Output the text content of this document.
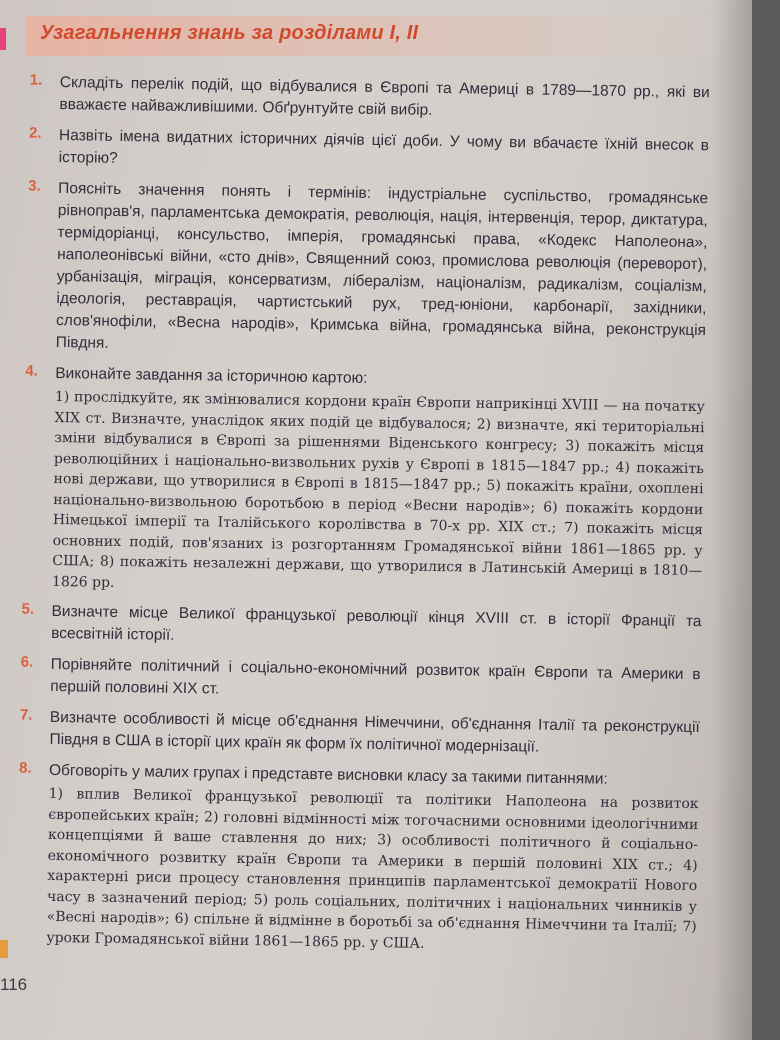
Узагальнення знань за розділами I, II
1. Складіть перелік подій, що відбувалися в Європі та Америці в 1789—1870 рр., які ви вважаєте найважливішими. Обґрунтуйте свій вибір.

2. Назвіть імена видатних історичних діячів цієї доби. У чому ви вбачаєте їхній внесок в історію?

3. Поясніть значення понять і термінів: індустріальне суспільство, громадянське рівноправ'я, парламентська демократія, революція, нація, інтервенція, терор, диктатура, термідоріанці, консульство, імперія, громадянські права, «Кодекс Наполеона», наполеонівські війни, «сто днів», Священний союз, промислова революція (переворот), урбанізація, міграція, консерватизм, лібералізм, націоналізм, радикалізм, соціалізм, ідеологія, реставрація, чартистський рух, тред-юніони, карбонарії, західники, слов'янофіли, «Весна народів», Кримська війна, громадянська війна, реконструкція Півдня.

4. Виконайте завдання за історичною картою:

1) прослідкуйте, як змінювалися кордони країн Європи наприкінці XVIII — на початку XIX ст. Визначте, унаслідок яких подій це відбувалося; 2) визначте, які територіальні зміни відбувалися в Європі за рішеннями Віденського конгресу; 3) покажіть місця революційних і національно-визвольних рухів у Європі в 1815—1847 рр.; 4) покажіть нові держави, що утворилися в Європі в 1815—1847 рр.; 5) покажіть країни, охоплені національно-визвольною боротьбою в період «Весни народів»; 6) покажіть кордони Німецької імперії та Італійського королівства в 70-х рр. XIX ст.; 7) покажіть місця основних подій, пов'язаних із розгортанням Громадянської війни 1861—1865 рр. у США; 8) покажіть незалежні держави, що утворилися в Латинській Америці в 1810—1826 рр.

5. Визначте місце Великої французької революції кінця XVIII ст. в історії Франції та всесвітній історії.

6. Порівняйте політичний і соціально-економічний розвиток країн Європи та Америки в першій половині XIX ст.

7. Визначте особливості й місце об'єднання Німеччини, об'єднання Італії та реконструкції Півдня в США в історії цих країн як форм їх політичної модернізації.

8. Обговоріть у малих групах і представте висновки класу за такими питаннями:

1) вплив Великої французької революції та політики Наполеона на розвиток європейських країн; 2) головні відмінності між тогочасними основними ідеологічними концепціями й ваше ставлення до них; 3) особливості політичного й соціально-економічного розвитку країн Європи та Америки в першій половині XIX ст.; 4) характерні риси процесу становлення принципів парламентської демократії Нового часу в зазначений період; 5) роль соціальних, політичних і національних чинників у «Весні народів»; 6) спільне й відмінне в боротьбі за об'єднання Німеччини та Італії; 7) уроки Громадянської війни 1861—1865 рр. у США.

116
